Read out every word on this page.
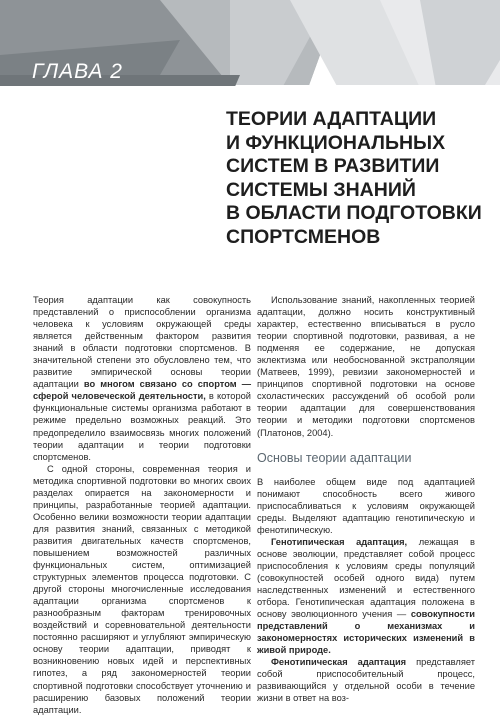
ГЛАВА 2
ТЕОРИИ АДАПТАЦИИ
И ФУНКЦИОНАЛЬНЫХ
СИСТЕМ В РАЗВИТИИ
СИСТЕМЫ ЗНАНИЙ
В ОБЛАСТИ ПОДГОТОВКИ
СПОРТСМЕНОВ

Теория адаптации как совокупность представлений о приспособлении организма человека к условиям окружающей среды является действенным фактором развития знаний в области подготовки спортсменов. В значительной степени это обусловлено тем, что развитие эмпирической основы теории адаптации во многом связано со спортом — сферой человеческой деятельности, в которой функциональные системы организма работают в режиме предельно возможных реакций. Это предопределило взаимосвязь многих положений теории адаптации и теории подготовки спортсменов.

С одной стороны, современная теория и методика спортивной подготовки во многих своих разделах опирается на закономерности и принципы, разработанные теорией адаптации. Особенно велики возможности теории адаптации для развития знаний, связанных с методикой развития двигательных качеств спортсменов, повышением возможностей различных функциональных систем, оптимизацией структурных элементов процесса подготовки. С другой стороны многочисленные исследования адаптации организма спортсменов к разнообразным факторам тренировочных воздействий и соревновательной деятельности постоянно расширяют и углубляют эмпирическую основу теории адаптации, приводят к возникновению новых идей и перспективных гипотез, а ряд закономерностей теории спортивной подготовки способствует уточнению и расширению базовых положений теории адаптации.

Использование знаний, накопленных теорией адаптации, должно носить конструктивный характер, естественно вписываться в русло теории спортивной подготовки, развивая, а не подменяя ее содержание, не допуская эклектизма или необоснованной экстраполяции (Матвеев, 1999), ревизии закономерностей и принципов спортивной подготовки на основе схоластических рассуждений об особой роли теории адаптации для совершенствования теории и методики подготовки спортсменов (Платонов, 2004).

Основы теории адаптации

В наиболее общем виде под адаптацией понимают способность всего живого приспосабливаться к условиям окружающей среды. Выделяют адаптацию генотипическую и фенотипическую.

Генотипическая адаптация, лежащая в основе эволюции, представляет собой процесс приспособления к условиям среды популяций (совокупностей особей одного вида) путем наследственных изменений и естественного отбора. Генотипическая адаптация положена в основу эволюционного учения — совокупности представлений о механизмах и закономерностях исторических изменений в живой природе.

Фенотипическая адаптация представляет собой приспособительный процесс, развивающийся у отдельной особи в течение жизни в ответ на воз-
